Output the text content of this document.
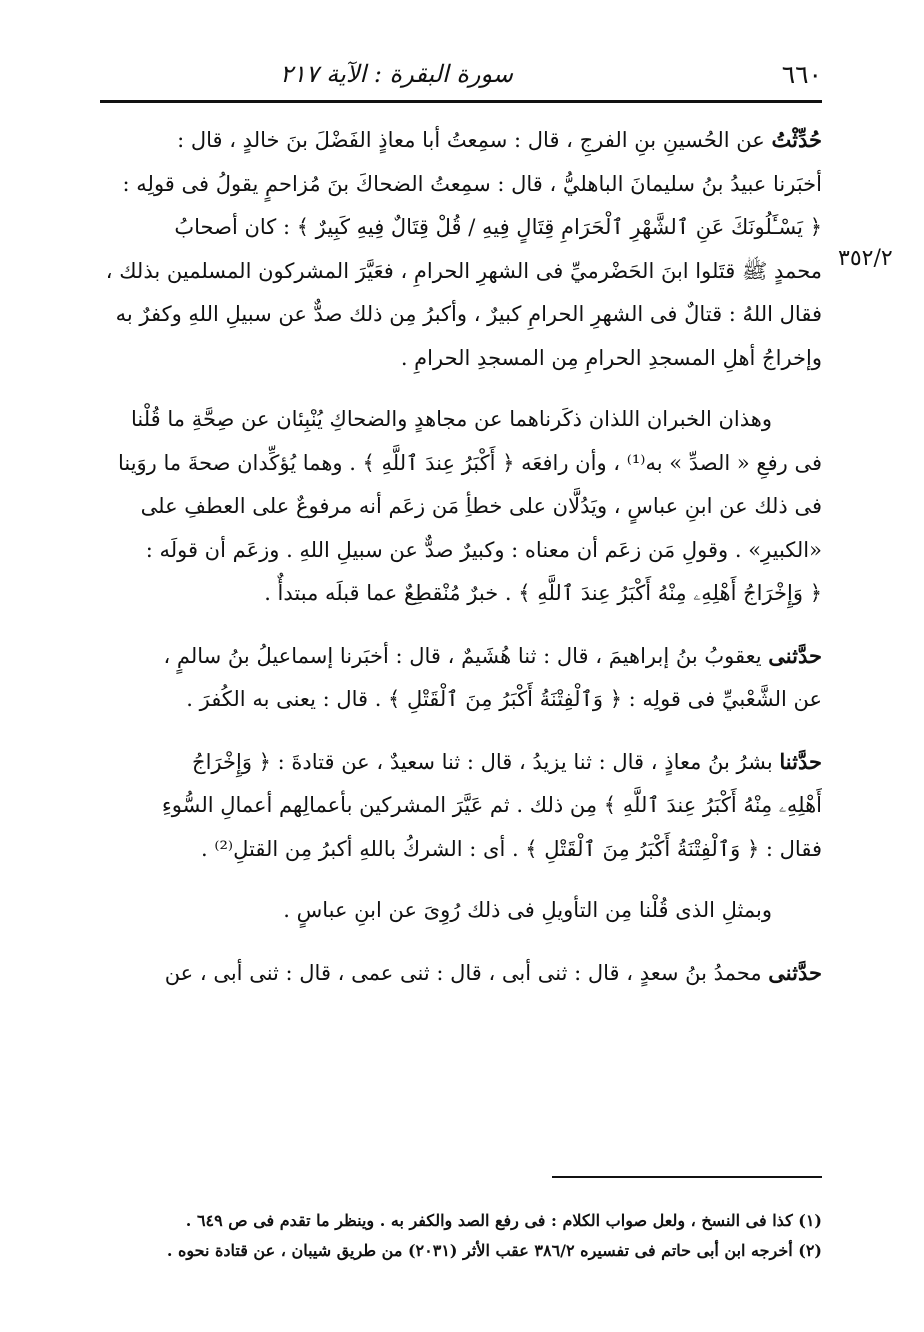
٦٦٠
سورة البقرة : الآية ٢١٧
٣٥٢/٢
حُدِّثْتُ عن الحُسينِ بنِ الفرجِ ، قال : سمِعتُ أبا معاذٍ الفَضْلَ بنَ خالدٍ ، قال :
أخبَرنا عبيدُ بنُ سليمانَ الباهليُّ ، قال : سمِعتُ الضحاكَ بنَ مُزاحمٍ يقولُ فى قولِه :
﴿ يَسْـَٔلُونَكَ عَنِ ٱلشَّهْرِ ٱلْحَرَامِ قِتَالٍ فِيهِ / قُلْ قِتَالٌ فِيهِ كَبِيرٌ ﴾ : كان أصحابُ
محمدٍ ﷺ قتَلوا ابنَ الحَضْرميِّ فى الشهرِ الحرامِ ، فعَيَّرَ المشركون المسلمين بذلك ،
فقال اللهُ : قتالٌ فى الشهرِ الحرامِ كبيرٌ ، وأكبرُ مِن ذلك صدٌّ عن سبيلِ اللهِ وكفرٌ به
وإخراجُ أهلِ المسجدِ الحرامِ مِن المسجدِ الحرامِ .
وهذان الخبران اللذان ذكَرناهما عن مجاهدٍ والضحاكِ يُنْبِئان عن صِحَّةِ ما قُلْنا
فى رفعِ « الصدِّ » به⁽¹⁾ ، وأن رافعَه ﴿ أَكْبَرُ عِندَ ٱللَّهِ ﴾ . وهما يُؤكِّدان صحةَ ما روَينا
فى ذلك عن ابنِ عباسٍ ، ويَدُلَّان على خطأِ مَن زعَم أنه مرفوعٌ على العطفِ على
«الكبيرِ» . وقولِ مَن زعَم أن معناه : وكبيرٌ صدٌّ عن سبيلِ اللهِ . وزعَم أن قولَه :
﴿ وَإِخْرَاجُ أَهْلِهِۦ مِنْهُ أَكْبَرُ عِندَ ٱللَّهِ ﴾ . خبرٌ مُنْقطِعٌ عما قبلَه مبتدأٌ .
حدَّثنى يعقوبُ بنُ إبراهيمَ ، قال : ثنا هُشَيمٌ ، قال : أخبَرنا إسماعيلُ بنُ سالمٍ ،
عن الشَّعْبيِّ فى قولِه : ﴿ وَٱلْفِتْنَةُ أَكْبَرُ مِنَ ٱلْقَتْلِ ﴾ . قال : يعنى به الكُفرَ .
حدَّثنا بشرُ بنُ معاذٍ ، قال : ثنا يزيدُ ، قال : ثنا سعيدٌ ، عن قتادةَ : ﴿ وَإِخْرَاجُ
أَهْلِهِۦ مِنْهُ أَكْبَرُ عِندَ ٱللَّهِ ﴾ مِن ذلك . ثم عَيَّرَ المشركين بأعمالِهم أعمالِ السُّوءِ
فقال : ﴿ وَٱلْفِتْنَةُ أَكْبَرُ مِنَ ٱلْقَتْلِ ﴾ . أى : الشركُ باللهِ أكبرُ مِن القتلِ⁽²⁾ .
وبمثلِ الذى قُلْنا مِن التأويلِ فى ذلك رُوِىَ عن ابنِ عباسٍ .
حدَّثنى محمدُ بنُ سعدٍ ، قال : ثنى أبى ، قال : ثنى عمى ، قال : ثنى أبى ، عن

(١) كذا فى النسخ ، ولعل صواب الكلام : فى رفع الصد والكفر به . وينظر ما تقدم فى ص ٦٤٩ .

(٢) أخرجه ابن أبى حاتم فى تفسيره ٣٨٦/٢ عقب الأثر (٢٠٣١) من طريق شيبان ، عن قتادة نحوه .
